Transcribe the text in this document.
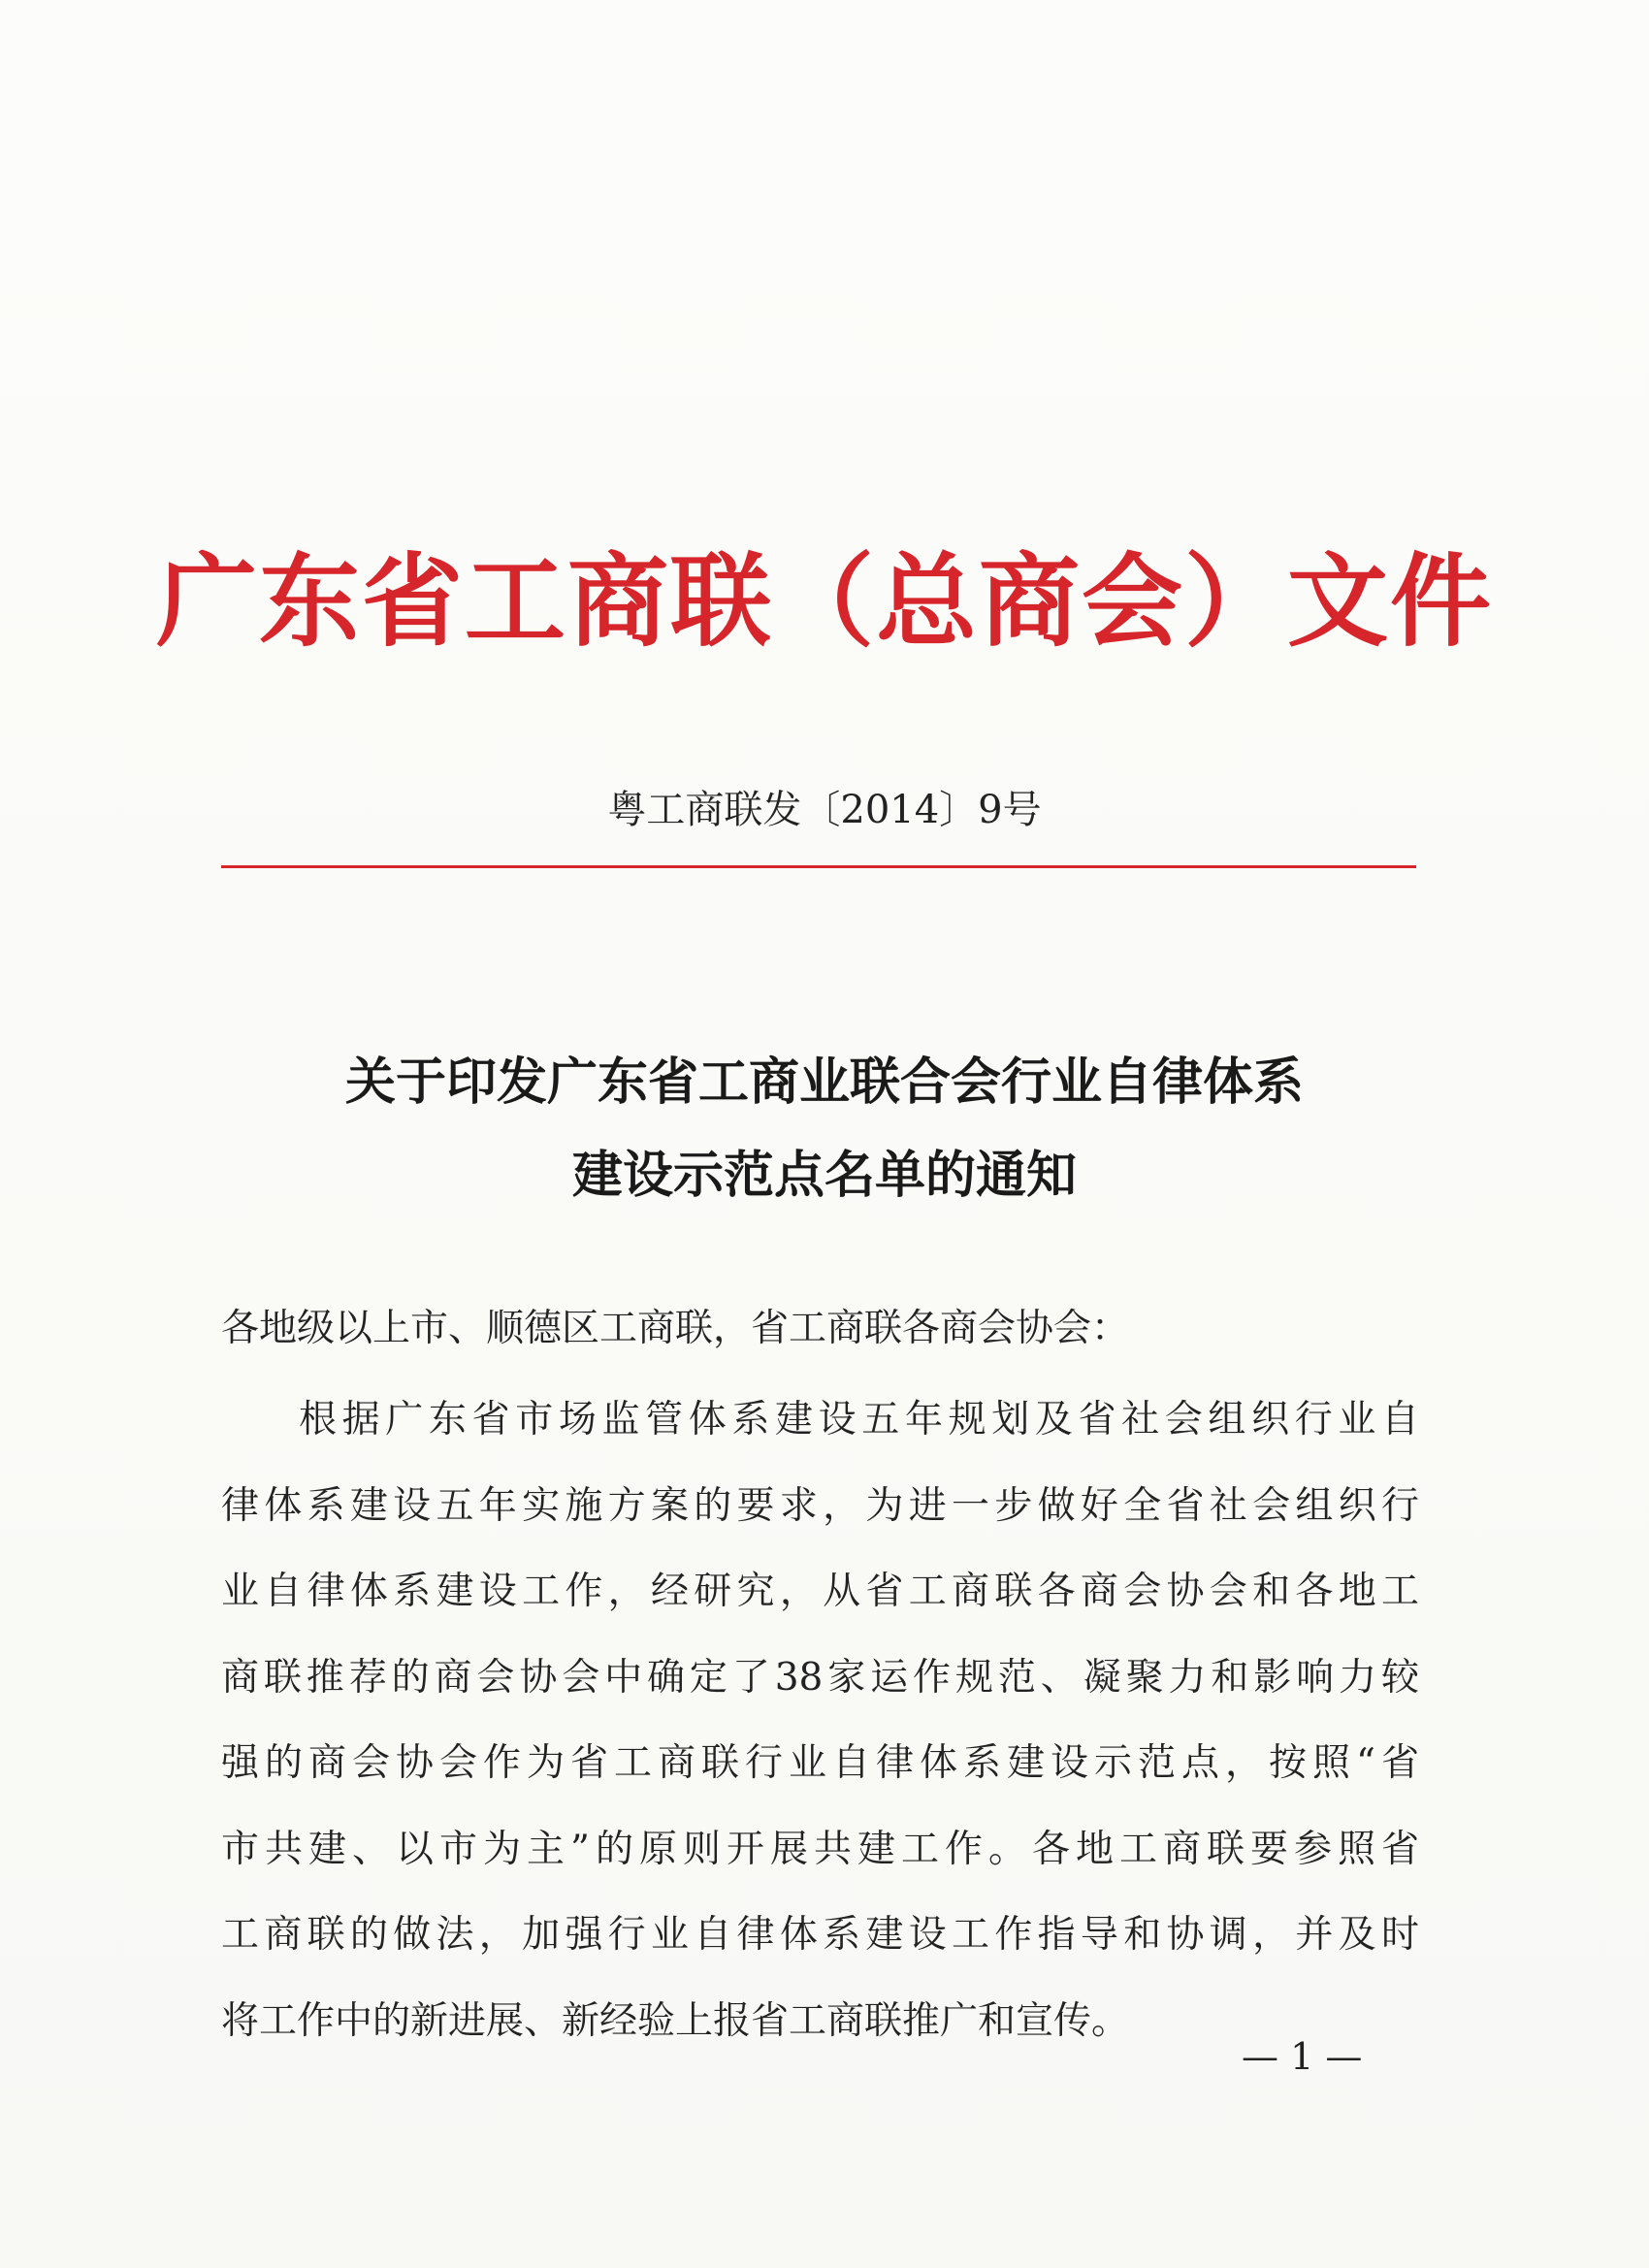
广东省工商联（总商会）文件
粤工商联发〔2014〕9号
关于印发广东省工商业联合会行业自律体系
建设示范点名单的通知
各地级以上市、顺德区工商联，省工商联各商会协会：
根据广东省市场监管体系建设五年规划及省社会组织行业自
律体系建设五年实施方案的要求，为进一步做好全省社会组织行
业自律体系建设工作，经研究，从省工商联各商会协会和各地工
商联推荐的商会协会中确定了38家运作规范、凝聚力和影响力较
强的商会协会作为省工商联行业自律体系建设示范点，按照“省
市共建、以市为主”的原则开展共建工作。各地工商联要参照省
工商联的做法，加强行业自律体系建设工作指导和协调，并及时
将工作中的新进展、新经验上报省工商联推广和宣传。
— 1 —
